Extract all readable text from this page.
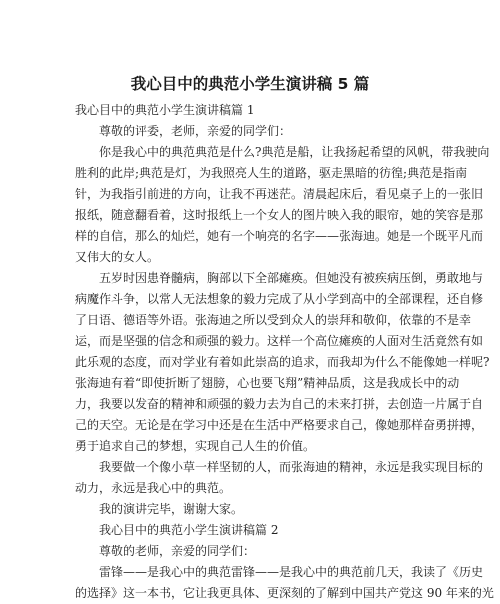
我心目中的典范小学生演讲稿 5 篇
我心目中的典范小学生演讲稿篇 1
尊敬的评委，老师，亲爱的同学们：
你是我心中的典范典范是什么?典范是船，让我扬起希望的风帆，带我驶向
胜利的此岸;典范是灯，为我照亮人生的道路，驱走黑暗的彷徨;典范是指南
针，为我指引前进的方向，让我不再迷茫。清晨起床后，看见桌子上的一张旧
报纸，随意翻看着，这时报纸上一个女人的图片映入我的眼帘，她的笑容是那
样的自信，那么的灿烂，她有一个响亮的名字——张海迪。她是一个既平凡而
又伟大的女人。
五岁时因患脊髓病，胸部以下全部瘫痪。但她没有被疾病压倒，勇敢地与
病魔作斗争，以常人无法想象的毅力完成了从小学到高中的全部课程，还自修
了日语、德语等外语。张海迪之所以受到众人的崇拜和敬仰，依靠的不是幸
运，而是坚强的信念和顽强的毅力。这样一个高位瘫痪的人面对生活竟然有如
此乐观的态度，而对学业有着如此崇高的追求，而我却为什么不能像她一样呢?
张海迪有着“即使折断了翅膀，心也要飞翔”精神品质，这是我成长中的动
力，我要以发奋的精神和顽强的毅力去为自己的未来打拼，去创造一片属于自
己的天空。无论是在学习中还是在生活中严格要求自己，像她那样奋勇拼搏，
勇于追求自己的梦想，实现自己人生的价值。
我要做一个像小草一样坚韧的人，而张海迪的精神，永远是我实现目标的
动力，永远是我心中的典范。
我的演讲完毕，谢谢大家。
我心目中的典范小学生演讲稿篇 2
尊敬的老师，亲爱的同学们：
雷锋——是我心中的典范雷锋——是我心中的典范前几天，我读了《历史
的选择》这一本书，它让我更具体、更深刻的了解到中国共产党这 90 年来的光
